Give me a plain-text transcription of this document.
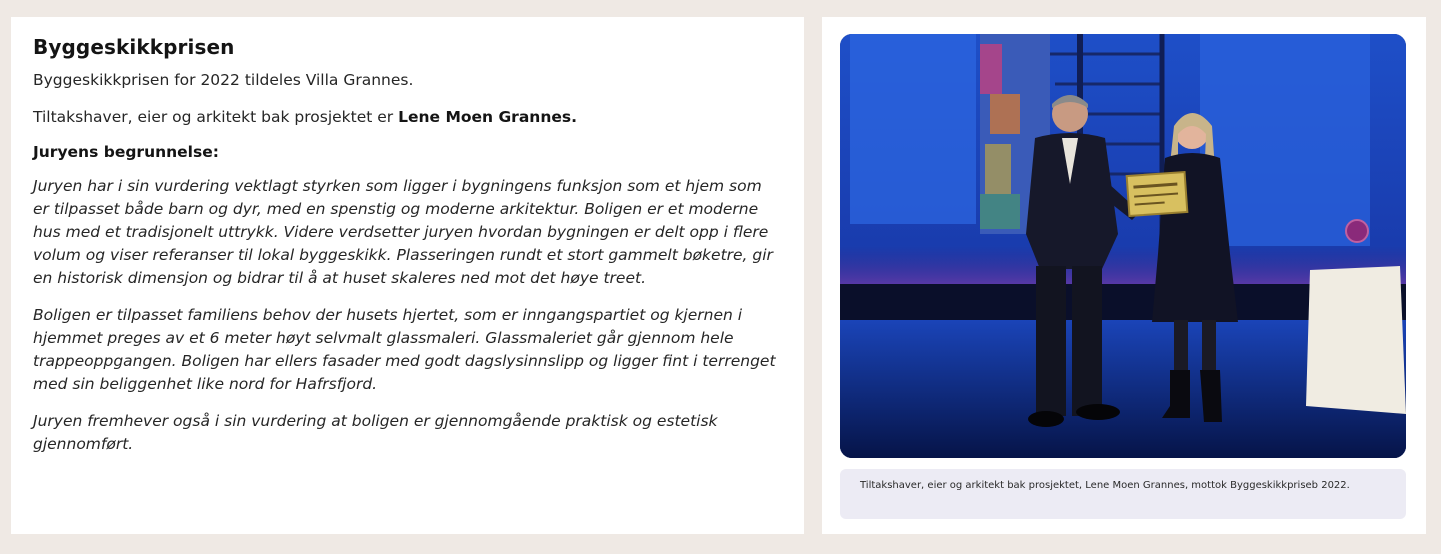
Byggeskikkprisen

Byggeskikkprisen for 2022 tildeles Villa Grannes.

Tiltakshaver, eier og arkitekt bak prosjektet er Lene Moen Grannes.

Juryens begrunnelse:

Juryen har i sin vurdering vektlagt styrken som ligger i bygningens funksjon som et hjem som er tilpasset både barn og dyr, med en spenstig og moderne arkitektur. Boligen er et moderne hus med et tradisjonelt uttrykk. Videre verdsetter juryen hvordan bygningen er delt opp i flere volum og viser referanser til lokal byggeskikk. Plasseringen rundt et stort gammelt bøketre, gir en historisk dimensjon og bidrar til å at huset skaleres ned mot det høye treet.

Boligen er tilpasset familiens behov der husets hjertet, som er inngangspartiet og kjernen i hjemmet preges av et 6 meter høyt selvmalt glassmaleri. Glassmaleriet går gjennom hele trappeoppgangen. Boligen har ellers fasader med godt dagslysinnslipp og ligger fint i terrenget med sin beliggenhet like nord for Hafrsfjord.

Juryen fremhever også i sin vurdering at boligen er gjennomgående praktisk og estetisk gjennomført.

Tiltakshaver, eier og arkitekt bak prosjektet, Lene Moen Grannes, mottok Byggeskikkpriseb 2022.
